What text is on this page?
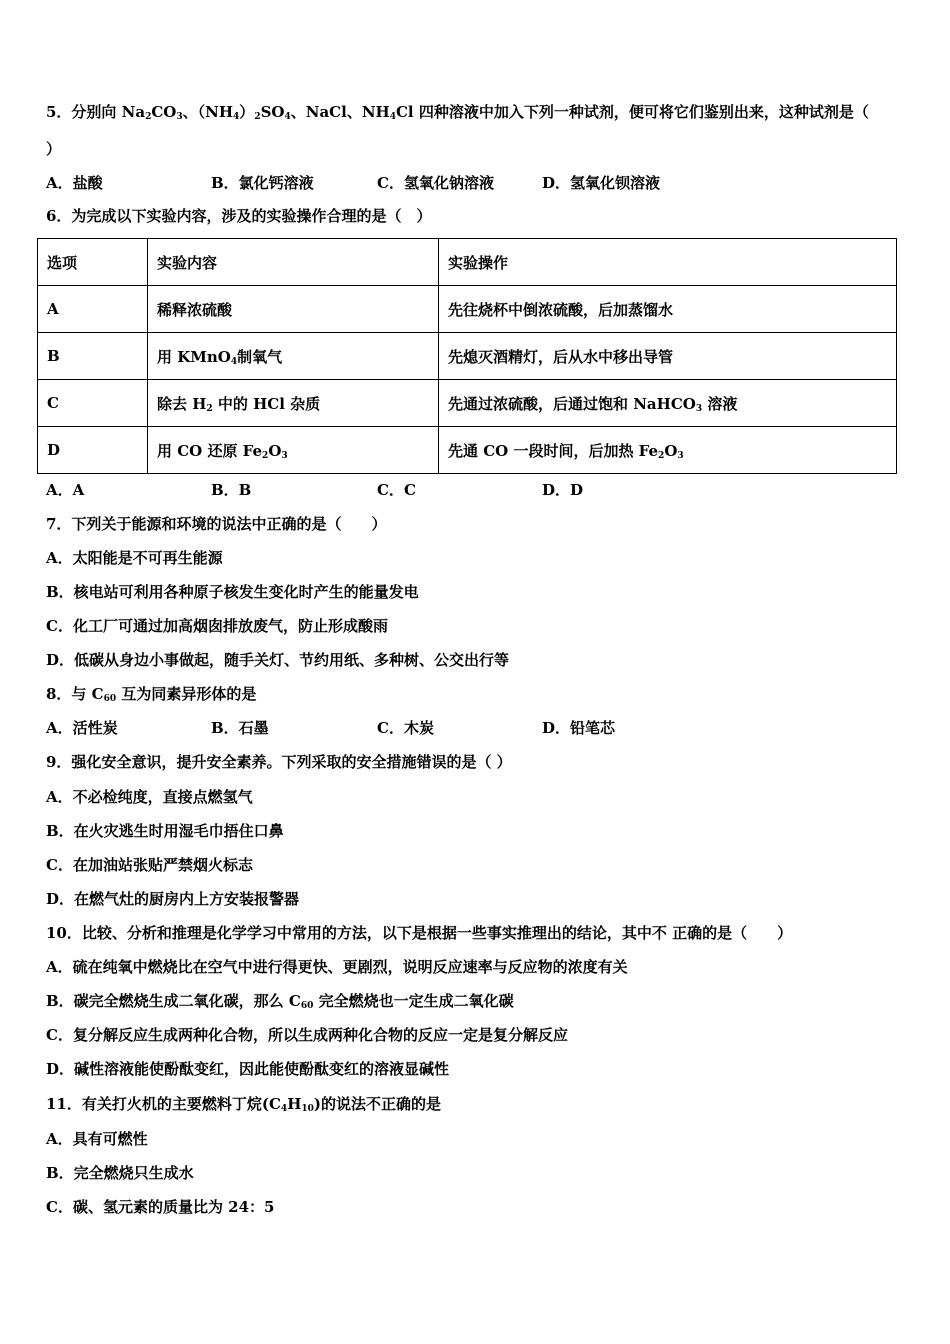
5．分别向 $Na_2CO_3$、$(NH_4)_2SO_4$、NaCl、$NH_4Cl$ 四种溶液中加入下列一种试剂，便可将它们鉴别出来，这种试剂是（
）
A．盐酸	B．氯化钙溶液	C．氢氧化钠溶液	D．氢氧化钡溶液
6．为完成以下实验内容，涉及的实验操作合理的是（　）
选项	实验内容	实验操作
A	稀释浓硫酸	先往烧杯中倒浓硫酸，后加蒸馏水
B	用 KMnO$_4$制氧气	先熄灭酒精灯，后从水中移出导管
C	除去 $H_2$ 中的 HCl 杂质	先通过浓硫酸，后通过饱和 NaHCO$_3$ 溶液
D	用 CO 还原 $Fe_2O_3$	先通 CO 一段时间，后加热 $Fe_2O_3$
A．A	B．B	C．C	D．D
7．下列关于能源和环境的说法中正确的是（　　）
A．太阳能是不可再生能源
B．核电站可利用各种原子核发生变化时产生的能量发电
C．化工厂可通过加高烟囱排放废气，防止形成酸雨
D．低碳从身边小事做起，随手关灯、节约用纸、多种树、公交出行等
8．与 $C_{60}$ 互为同素异形体的是
A．活性炭	B．石墨	C．木炭	D．铅笔芯
9．强化安全意识，提升安全素养。下列采取的安全措施错误的是（ ）
A．不必检纯度，直接点燃氢气
B．在火灾逃生时用湿毛巾捂住口鼻
C．在加油站张贴严禁烟火标志
D．在燃气灶的厨房内上方安装报警器
10．比较、分析和推理是化学学习中常用的方法，以下是根据一些事实推理出的结论，其中不 正确的是（　　）
A．硫在纯氧中燃烧比在空气中进行得更快、更剧烈，说明反应速率与反应物的浓度有关
B．碳完全燃烧生成二氧化碳，那么 $C_{60}$ 完全燃烧也一定生成二氧化碳
C．复分解反应生成两种化合物，所以生成两种化合物的反应一定是复分解反应
D．碱性溶液能使酚酞变红，因此能使酚酞变红的溶液显碱性
11．有关打火机的主要燃料丁烷$(C_4H_{10})$的说法不正确的是
A．具有可燃性
B．完全燃烧只生成水
C．碳、氢元素的质量比为 24：5
